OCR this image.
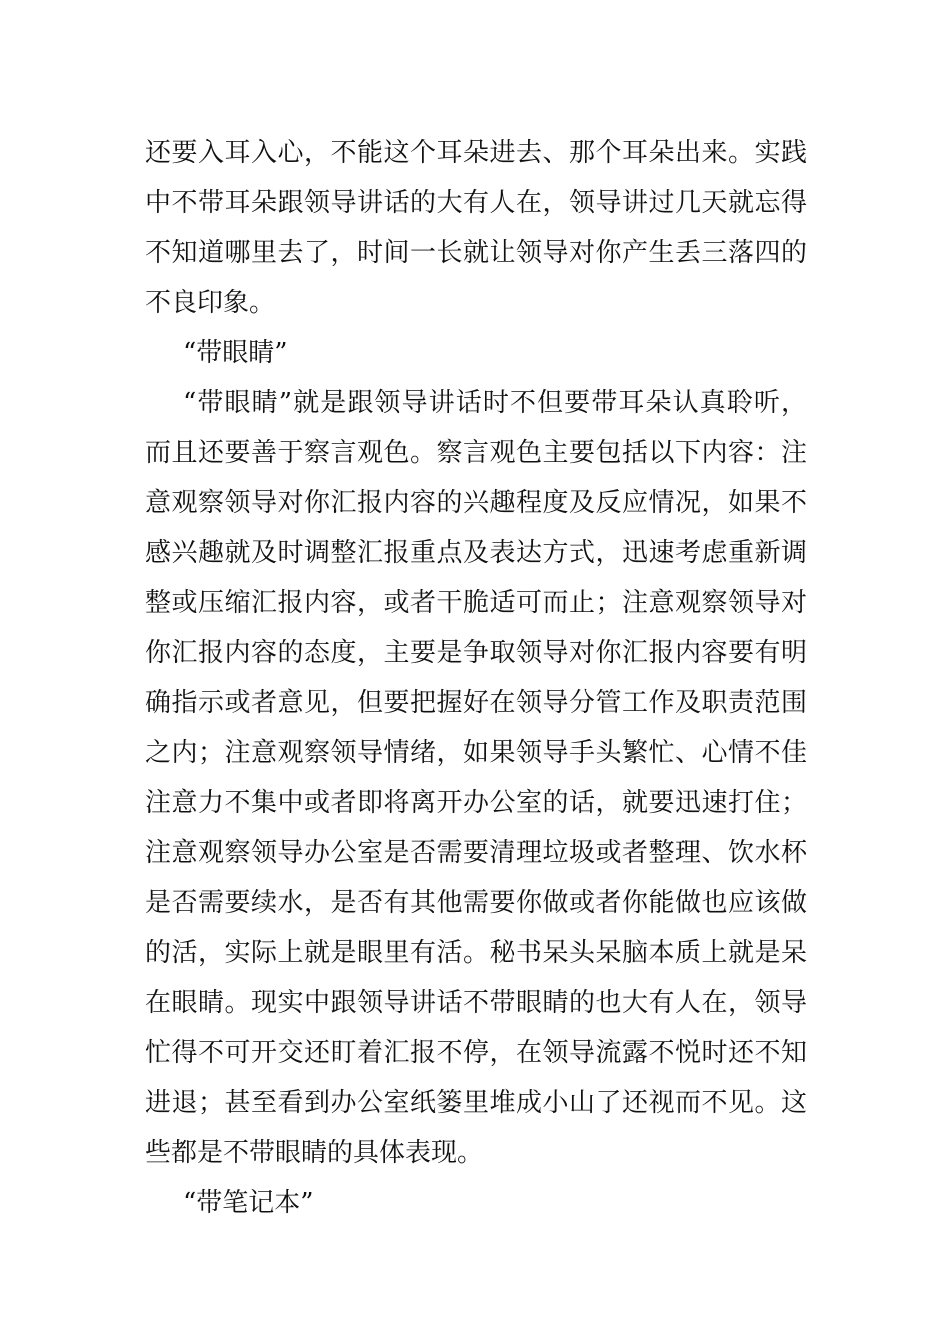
还要入耳入心，不能这个耳朵进去、那个耳朵出来。实践
中不带耳朵跟领导讲话的大有人在，领导讲过几天就忘得
不知道哪里去了，时间一长就让领导对你产生丢三落四的
不良印象。
“带眼睛”
“带眼睛”就是跟领导讲话时不但要带耳朵认真聆听，
而且还要善于察言观色。察言观色主要包括以下内容：注
意观察领导对你汇报内容的兴趣程度及反应情况，如果不
感兴趣就及时调整汇报重点及表达方式，迅速考虑重新调
整或压缩汇报内容，或者干脆适可而止；注意观察领导对
你汇报内容的态度，主要是争取领导对你汇报内容要有明
确指示或者意见，但要把握好在领导分管工作及职责范围
之内；注意观察领导情绪，如果领导手头繁忙、心情不佳
注意力不集中或者即将离开办公室的话，就要迅速打住；
注意观察领导办公室是否需要清理垃圾或者整理、饮水杯
是否需要续水，是否有其他需要你做或者你能做也应该做
的活，实际上就是眼里有活。秘书呆头呆脑本质上就是呆
在眼睛。现实中跟领导讲话不带眼睛的也大有人在，领导
忙得不可开交还盯着汇报不停，在领导流露不悦时还不知
进退；甚至看到办公室纸篓里堆成小山了还视而不见。这
些都是不带眼睛的具体表现。
“带笔记本”
